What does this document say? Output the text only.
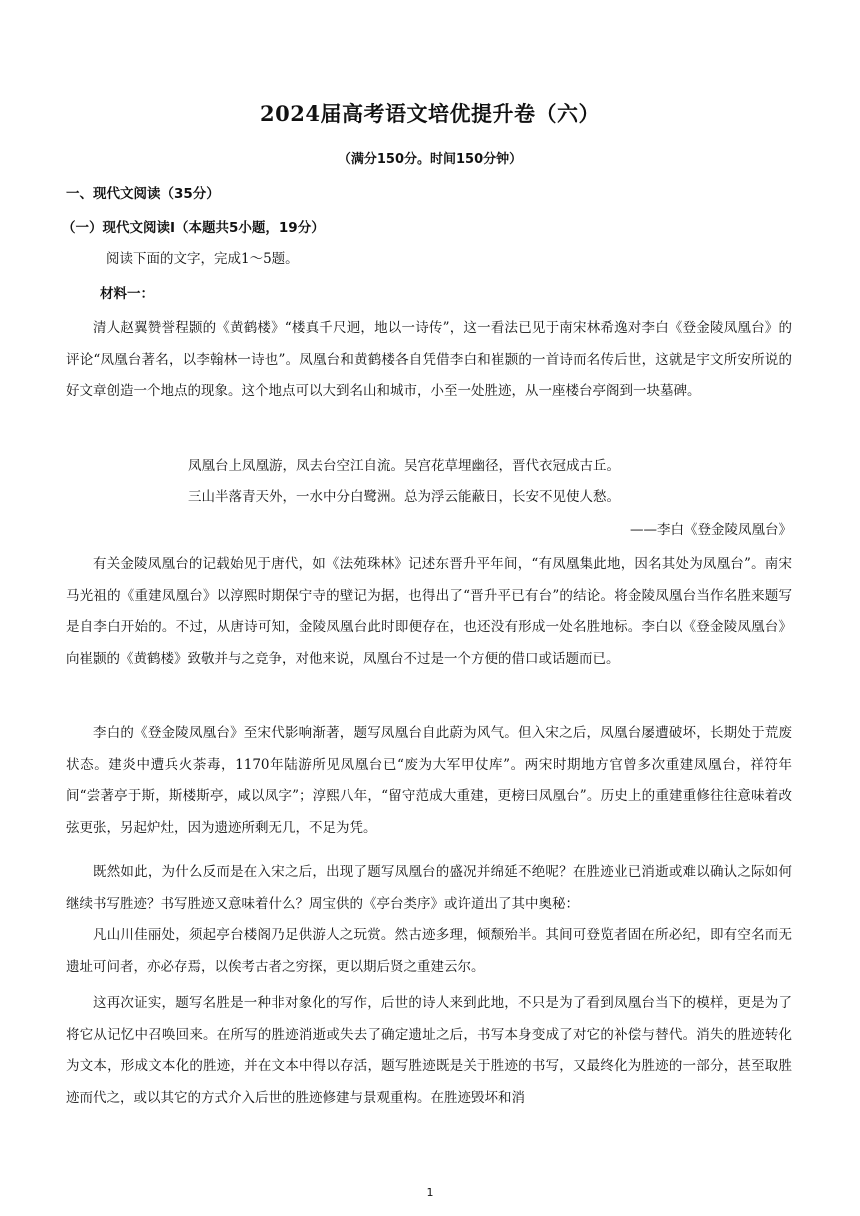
2024届高考语文培优提升卷（六）
（满分150分。时间150分钟）
一、现代文阅读（35分）
（一）现代文阅读Ⅰ（本题共5小题，19分）
阅读下面的文字，完成1～5题。
材料一：

清人赵翼赞誉程颢的《黄鹤楼》“楼真千尺迥，地以一诗传”，这一看法已见于南宋林希逸对李白《登金陵凤凰台》的评论“凤凰台著名，以李翰林一诗也”。凤凰台和黄鹤楼各自凭借李白和崔颢的一首诗而名传后世，这就是宇文所安所说的好文章创造一个地点的现象。这个地点可以大到名山和城市，小至一处胜迹，从一座楼台亭阁到一块墓碑。

凤凰台上凤凰游，凤去台空江自流。吴宫花草埋幽径，晋代衣冠成古丘。
三山半落青天外，一水中分白鹭洲。总为浮云能蔽日，长安不见使人愁。
——李白《登金陵凤凰台》

有关金陵凤凰台的记载始见于唐代，如《法苑珠林》记述东晋升平年间，“有凤凰集此地，因名其处为凤凰台”。南宋马光祖的《重建凤凰台》以淳熙时期保宁寺的壁记为据，也得出了“晋升平已有台”的结论。将金陵凤凰台当作名胜来题写是自李白开始的。不过，从唐诗可知，金陵凤凰台此时即便存在，也还没有形成一处名胜地标。李白以《登金陵凤凰台》向崔颢的《黄鹤楼》致敬并与之竞争，对他来说，凤凰台不过是一个方便的借口或话题而已。

李白的《登金陵凤凰台》至宋代影响渐著，题写凤凰台自此蔚为风气。但入宋之后，凤凰台屡遭破坏，长期处于荒废状态。建炎中遭兵火荼毒，1170年陆游所见凤凰台已“废为大军甲仗库”。两宋时期地方官曾多次重建凤凰台，祥符年间“尝著亭于斯，斯楼斯亭，咸以凤字”；淳熙八年，“留守范成大重建，更榜曰凤凰台”。历史上的重建重修往往意味着改弦更张，另起炉灶，因为遗迹所剩无几，不足为凭。

既然如此，为什么反而是在入宋之后，出现了题写凤凰台的盛况并绵延不绝呢？在胜迹业已消逝或难以确认之际如何继续书写胜迹？书写胜迹又意味着什么？周宝供的《亭台类序》或许道出了其中奥秘：

凡山川佳丽处，须起亭台楼阁乃足供游人之玩赏。然古迹多理，倾颓殆半。其间可登览者固在所必纪，即有空名而无遗址可问者，亦必存焉，以俟考古者之穷探，更以期后贤之重建云尔。

这再次证实，题写名胜是一种非对象化的写作，后世的诗人来到此地，不只是为了看到凤凰台当下的模样，更是为了将它从记忆中召唤回来。在所写的胜迹消逝或失去了确定遗址之后，书写本身变成了对它的补偿与替代。消失的胜迹转化为文本，形成文本化的胜迹，并在文本中得以存活，题写胜迹既是关于胜迹的书写，又最终化为胜迹的一部分，甚至取胜迹而代之，或以其它的方式介入后世的胜迹修建与景观重构。在胜迹毁坏和消

1
